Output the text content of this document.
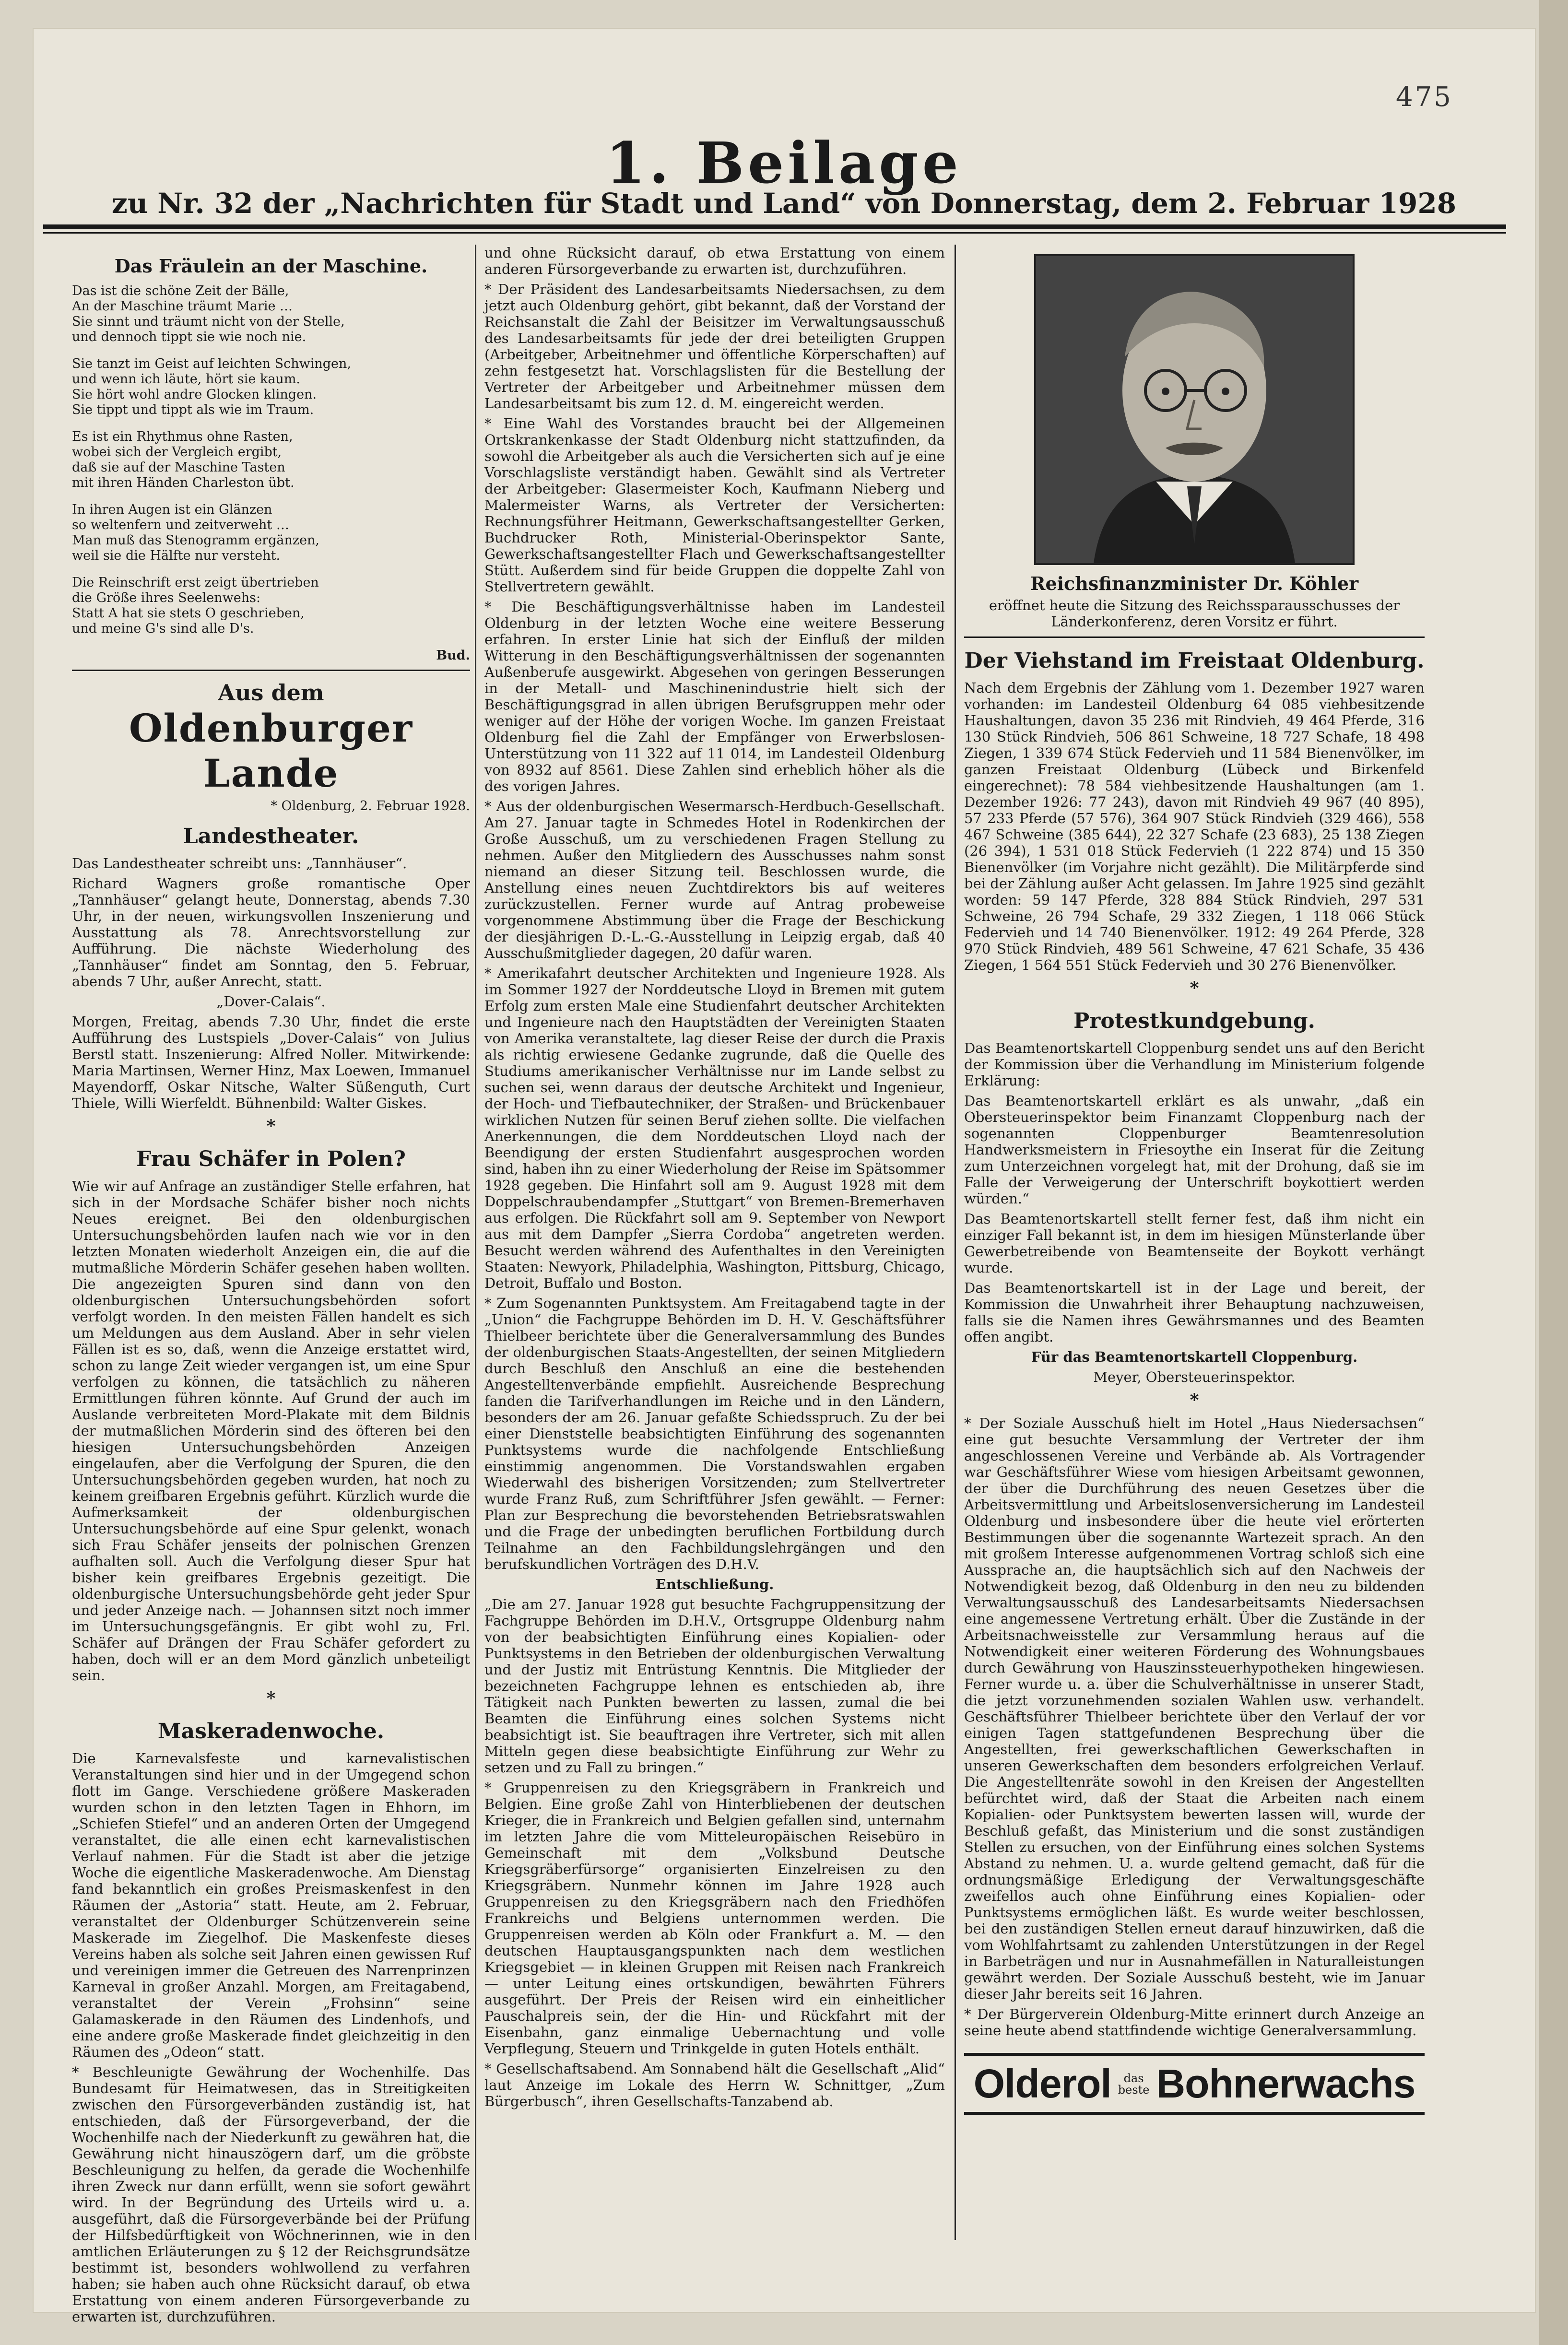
475
1. Beilage
zu Nr. 32 der „Nachrichten für Stadt und Land“ von Donnerstag, dem 2. Februar 1928
Das Fräulein an der Maschine.

Das ist die schöne Zeit der Bälle,

An der Maschine träumt Marie …

Sie sinnt und träumt nicht von der Stelle,

und dennoch tippt sie wie noch nie.

Sie tanzt im Geist auf leichten Schwingen,

und wenn ich läute, hört sie kaum.

Sie hört wohl andre Glocken klingen.

Sie tippt und tippt als wie im Traum.

Es ist ein Rhythmus ohne Rasten,

wobei sich der Vergleich ergibt,

daß sie auf der Maschine Tasten

mit ihren Händen Charleston übt.

In ihren Augen ist ein Glänzen

so weltenfern und zeitverweht …

Man muß das Stenogramm ergänzen,

weil sie die Hälfte nur versteht.

Die Reinschrift erst zeigt übertrieben

die Größe ihres Seelenwehs:

Statt A hat sie stets O geschrieben,

und meine G's sind alle D's.

Bud.
Aus dem
Oldenburger Lande
* Oldenburg, 2. Februar 1928.
Landestheater.

Das Landestheater schreibt uns: „Tannhäuser“.

Richard Wagners große romantische Oper „Tannhäuser“ gelangt heute, Donnerstag, abends 7.30 Uhr, in der neuen, wirkungsvollen Inszenierung und Ausstattung als 78. Anrechtsvorstellung zur Aufführung. Die nächste Wiederholung des „Tannhäuser“ findet am Sonntag, den 5. Februar, abends 7 Uhr, außer Anrecht, statt.

„Dover-Calais“.

Morgen, Freitag, abends 7.30 Uhr, findet die erste Aufführung des Lustspiels „Dover-Calais“ von Julius Berstl statt. Inszenierung: Alfred Noller. Mitwirkende: Maria Martinsen, Werner Hinz, Max Loewen, Immanuel Mayendorff, Oskar Nitsche, Walter Süßenguth, Curt Thiele, Willi Wierfeldt. Bühnenbild: Walter Giskes.

*
Frau Schäfer in Polen?

Wie wir auf Anfrage an zuständiger Stelle erfahren, hat sich in der Mordsache Schäfer bisher noch nichts Neues ereignet. Bei den oldenburgischen Untersuchungsbehörden laufen nach wie vor in den letzten Monaten wiederholt Anzeigen ein, die auf die mutmaßliche Mörderin Schäfer gesehen haben wollten. Die angezeigten Spuren sind dann von den oldenburgischen Untersuchungsbehörden sofort verfolgt worden. In den meisten Fällen handelt es sich um Meldungen aus dem Ausland. Aber in sehr vielen Fällen ist es so, daß, wenn die Anzeige erstattet wird, schon zu lange Zeit wieder vergangen ist, um eine Spur verfolgen zu können, die tatsächlich zu näheren Ermittlungen führen könnte. Auf Grund der auch im Auslande verbreiteten Mord-Plakate mit dem Bildnis der mutmaßlichen Mörderin sind des öfteren bei den hiesigen Untersuchungsbehörden Anzeigen eingelaufen, aber die Verfolgung der Spuren, die den Untersuchungsbehörden gegeben wurden, hat noch zu keinem greifbaren Ergebnis geführt. Kürzlich wurde die Aufmerksamkeit der oldenburgischen Untersuchungsbehörde auf eine Spur gelenkt, wonach sich Frau Schäfer jenseits der polnischen Grenzen aufhalten soll. Auch die Verfolgung dieser Spur hat bisher kein greifbares Ergebnis gezeitigt. Die oldenburgische Untersuchungsbehörde geht jeder Spur und jeder Anzeige nach. — Johannsen sitzt noch immer im Untersuchungsgefängnis. Er gibt wohl zu, Frl. Schäfer auf Drängen der Frau Schäfer gefordert zu haben, doch will er an dem Mord gänzlich unbeteiligt sein.

*
Maskeradenwoche.

Die Karnevalsfeste und karnevalistischen Veranstaltungen sind hier und in der Umgegend schon flott im Gange. Verschiedene größere Maskeraden wurden schon in den letzten Tagen in Ehhorn, im „Schiefen Stiefel“ und an anderen Orten der Umgegend veranstaltet, die alle einen echt karnevalistischen Verlauf nahmen. Für die Stadt ist aber die jetzige Woche die eigentliche Maskeradenwoche. Am Dienstag fand bekanntlich ein großes Preismaskenfest in den Räumen der „Astoria“ statt. Heute, am 2. Februar, veranstaltet der Oldenburger Schützenverein seine Maskerade im Ziegelhof. Die Maskenfeste dieses Vereins haben als solche seit Jahren einen gewissen Ruf und vereinigen immer die Getreuen des Narrenprinzen Karneval in großer Anzahl. Morgen, am Freitagabend, veranstaltet der Verein „Frohsinn“ seine Galamaskerade in den Räumen des Lindenhofs, und eine andere große Maskerade findet gleichzeitig in den Räumen des „Odeon“ statt.

* Beschleunigte Gewährung der Wochenhilfe. Das Bundesamt für Heimatwesen, das in Streitigkeiten zwischen den Fürsorgeverbänden zuständig ist, hat entschieden, daß der Fürsorgeverband, der die Wochenhilfe nach der Niederkunft zu gewähren hat, die Gewährung nicht hinauszögern darf, um die gröbste Beschleunigung zu helfen, da gerade die Wochenhilfe ihren Zweck nur dann erfüllt, wenn sie sofort gewährt wird. In der Begründung des Urteils wird u. a. ausgeführt, daß die Fürsorgeverbände bei der Prüfung der Hilfsbedürftigkeit von Wöchnerinnen, wie in den amtlichen Erläuterungen zu § 12 der Reichsgrundsätze bestimmt ist, besonders wohlwollend zu verfahren haben; sie haben auch ohne Rücksicht darauf, ob etwa Erstattung von einem anderen Fürsorgeverbande zu erwarten ist, durchzuführen.

und ohne Rücksicht darauf, ob etwa Erstattung von einem anderen Fürsorgeverbande zu erwarten ist, durchzuführen.

* Der Präsident des Landesarbeitsamts Niedersachsen, zu dem jetzt auch Oldenburg gehört, gibt bekannt, daß der Vorstand der Reichsanstalt die Zahl der Beisitzer im Verwaltungsausschuß des Landesarbeitsamts für jede der drei beteiligten Gruppen (Arbeitgeber, Arbeitnehmer und öffentliche Körperschaften) auf zehn festgesetzt hat. Vorschlagslisten für die Bestellung der Vertreter der Arbeitgeber und Arbeitnehmer müssen dem Landesarbeitsamt bis zum 12. d. M. eingereicht werden.

* Eine Wahl des Vorstandes braucht bei der Allgemeinen Ortskrankenkasse der Stadt Oldenburg nicht stattzufinden, da sowohl die Arbeitgeber als auch die Versicherten sich auf je eine Vorschlagsliste verständigt haben. Gewählt sind als Vertreter der Arbeitgeber: Glasermeister Koch, Kaufmann Nieberg und Malermeister Warns, als Vertreter der Versicherten: Rechnungsführer Heitmann, Gewerkschaftsangestellter Gerken, Buchdrucker Roth, Ministerial-Oberinspektor Sante, Gewerkschaftsangestellter Flach und Gewerkschaftsangestellter Stütt. Außerdem sind für beide Gruppen die doppelte Zahl von Stellvertretern gewählt.

* Die Beschäftigungsverhältnisse haben im Landesteil Oldenburg in der letzten Woche eine weitere Besserung erfahren. In erster Linie hat sich der Einfluß der milden Witterung in den Beschäftigungsverhältnissen der sogenannten Außenberufe ausgewirkt. Abgesehen von geringen Besserungen in der Metall- und Maschinenindustrie hielt sich der Beschäftigungsgrad in allen übrigen Berufsgruppen mehr oder weniger auf der Höhe der vorigen Woche. Im ganzen Freistaat Oldenburg fiel die Zahl der Empfänger von Erwerbslosen-Unterstützung von 11 322 auf 11 014, im Landesteil Oldenburg von 8932 auf 8561. Diese Zahlen sind erheblich höher als die des vorigen Jahres.

* Aus der oldenburgischen Wesermarsch-Herdbuch-Gesellschaft. Am 27. Januar tagte in Schmedes Hotel in Rodenkirchen der Große Ausschuß, um zu verschiedenen Fragen Stellung zu nehmen. Außer den Mitgliedern des Ausschusses nahm sonst niemand an dieser Sitzung teil. Beschlossen wurde, die Anstellung eines neuen Zuchtdirektors bis auf weiteres zurückzustellen. Ferner wurde auf Antrag probeweise vorgenommene Abstimmung über die Frage der Beschickung der diesjährigen D.-L.-G.-Ausstellung in Leipzig ergab, daß 40 Ausschußmitglieder dagegen, 20 dafür waren.

* Amerikafahrt deutscher Architekten und Ingenieure 1928. Als im Sommer 1927 der Norddeutsche Lloyd in Bremen mit gutem Erfolg zum ersten Male eine Studienfahrt deutscher Architekten und Ingenieure nach den Hauptstädten der Vereinigten Staaten von Amerika veranstaltete, lag dieser Reise der durch die Praxis als richtig erwiesene Gedanke zugrunde, daß die Quelle des Studiums amerikanischer Verhältnisse nur im Lande selbst zu suchen sei, wenn daraus der deutsche Architekt und Ingenieur, der Hoch- und Tiefbautechniker, der Straßen- und Brückenbauer wirklichen Nutzen für seinen Beruf ziehen sollte. Die vielfachen Anerkennungen, die dem Norddeutschen Lloyd nach der Beendigung der ersten Studienfahrt ausgesprochen worden sind, haben ihn zu einer Wiederholung der Reise im Spätsommer 1928 gegeben. Die Hinfahrt soll am 9. August 1928 mit dem Doppelschraubendampfer „Stuttgart“ von Bremen-Bremerhaven aus erfolgen. Die Rückfahrt soll am 9. September von Newport aus mit dem Dampfer „Sierra Cordoba“ angetreten werden. Besucht werden während des Aufenthaltes in den Vereinigten Staaten: Newyork, Philadelphia, Washington, Pittsburg, Chicago, Detroit, Buffalo und Boston.

* Zum Sogenannten Punktsystem. Am Freitagabend tagte in der „Union“ die Fachgruppe Behörden im D. H. V. Geschäftsführer Thielbeer berichtete über die Generalversammlung des Bundes der oldenburgischen Staats-Angestellten, der seinen Mitgliedern durch Beschluß den Anschluß an eine die bestehenden Angestelltenverbände empfiehlt. Ausreichende Besprechung fanden die Tarifverhandlungen im Reiche und in den Ländern, besonders der am 26. Januar gefaßte Schiedsspruch. Zu der bei einer Dienststelle beabsichtigten Einführung des sogenannten Punktsystems wurde die nachfolgende Entschließung einstimmig angenommen. Die Vorstandswahlen ergaben Wiederwahl des bisherigen Vorsitzenden; zum Stellvertreter wurde Franz Ruß, zum Schriftführer Jsfen gewählt. — Ferner: Plan zur Besprechung die bevorstehenden Betriebsratswahlen und die Frage der unbedingten beruflichen Fortbildung durch Teilnahme an den Fachbildungslehrgängen und den berufskundlichen Vorträgen des D.H.V.

Entschließung.

„Die am 27. Januar 1928 gut besuchte Fachgruppensitzung der Fachgruppe Behörden im D.H.V., Ortsgruppe Oldenburg nahm von der beabsichtigten Einführung eines Kopialien- oder Punktsystems in den Betrieben der oldenburgischen Verwaltung und der Justiz mit Entrüstung Kenntnis. Die Mitglieder der bezeichneten Fachgruppe lehnen es entschieden ab, ihre Tätigkeit nach Punkten bewerten zu lassen, zumal die bei Beamten die Einführung eines solchen Systems nicht beabsichtigt ist. Sie beauftragen ihre Vertreter, sich mit allen Mitteln gegen diese beabsichtigte Einführung zur Wehr zu setzen und zu Fall zu bringen.“

* Gruppenreisen zu den Kriegsgräbern in Frankreich und Belgien. Eine große Zahl von Hinterbliebenen der deutschen Krieger, die in Frankreich und Belgien gefallen sind, unternahm im letzten Jahre die vom Mitteleuropäischen Reisebüro in Gemeinschaft mit dem „Volksbund Deutsche Kriegsgräberfürsorge“ organisierten Einzelreisen zu den Kriegsgräbern. Nunmehr können im Jahre 1928 auch Gruppenreisen zu den Kriegsgräbern nach den Friedhöfen Frankreichs und Belgiens unternommen werden. Die Gruppenreisen werden ab Köln oder Frankfurt a. M. — den deutschen Hauptausgangspunkten nach dem westlichen Kriegsgebiet — in kleinen Gruppen mit Reisen nach Frankreich — unter Leitung eines ortskundigen, bewährten Führers ausgeführt. Der Preis der Reisen wird ein einheitlicher Pauschalpreis sein, der die Hin- und Rückfahrt mit der Eisenbahn, ganz einmalige Uebernachtung und volle Verpflegung, Steuern und Trinkgelde in guten Hotels enthält.

* Gesellschaftsabend. Am Sonnabend hält die Gesellschaft „Alid“ laut Anzeige im Lokale des Herrn W. Schnittger, „Zum Bürgerbusch“, ihren Gesellschafts-Tanzabend ab.

Reichsfinanzminister Dr. Köhler

eröffnet heute die Sitzung des Reichssparausschusses der Länderkonferenz, deren Vorsitz er führt.

Der Viehstand im Freistaat Oldenburg.

Nach dem Ergebnis der Zählung vom 1. Dezember 1927 waren vorhanden: im Landesteil Oldenburg 64 085 viehbesitzende Haushaltungen, davon 35 236 mit Rindvieh, 49 464 Pferde, 316 130 Stück Rindvieh, 506 861 Schweine, 18 727 Schafe, 18 498 Ziegen, 1 339 674 Stück Federvieh und 11 584 Bienenvölker, im ganzen Freistaat Oldenburg (Lübeck und Birkenfeld eingerechnet): 78 584 viehbesitzende Haushaltungen (am 1. Dezember 1926: 77 243), davon mit Rindvieh 49 967 (40 895), 57 233 Pferde (57 576), 364 907 Stück Rindvieh (329 466), 558 467 Schweine (385 644), 22 327 Schafe (23 683), 25 138 Ziegen (26 394), 1 531 018 Stück Federvieh (1 222 874) und 15 350 Bienenvölker (im Vorjahre nicht gezählt). Die Militärpferde sind bei der Zählung außer Acht gelassen. Im Jahre 1925 sind gezählt worden: 59 147 Pferde, 328 884 Stück Rindvieh, 297 531 Schweine, 26 794 Schafe, 29 332 Ziegen, 1 118 066 Stück Federvieh und 14 740 Bienenvölker. 1912: 49 264 Pferde, 328 970 Stück Rindvieh, 489 561 Schweine, 47 621 Schafe, 35 436 Ziegen, 1 564 551 Stück Federvieh und 30 276 Bienenvölker.

*
Protestkundgebung.

Das Beamtenortskartell Cloppenburg sendet uns auf den Bericht der Kommission über die Verhandlung im Ministerium folgende Erklärung:

Das Beamtenortskartell erklärt es als unwahr, „daß ein Obersteuerinspektor beim Finanzamt Cloppenburg nach der sogenannten Cloppenburger Beamtenresolution Handwerksmeistern in Friesoythe ein Inserat für die Zeitung zum Unterzeichnen vorgelegt hat, mit der Drohung, daß sie im Falle der Verweigerung der Unterschrift boykottiert werden würden.“

Das Beamtenortskartell stellt ferner fest, daß ihm nicht ein einziger Fall bekannt ist, in dem im hiesigen Münsterlande über Gewerbetreibende von Beamtenseite der Boykott verhängt wurde.

Das Beamtenortskartell ist in der Lage und bereit, der Kommission die Unwahrheit ihrer Behauptung nachzuweisen, falls sie die Namen ihres Gewährsmannes und des Beamten offen angibt.

Für das Beamtenortskartell Cloppenburg.

Meyer, Obersteuerinspektor.

*

* Der Soziale Ausschuß hielt im Hotel „Haus Niedersachsen“ eine gut besuchte Versammlung der Vertreter der ihm angeschlossenen Vereine und Verbände ab. Als Vortragender war Geschäftsführer Wiese vom hiesigen Arbeitsamt gewonnen, der über die Durchführung des neuen Gesetzes über die Arbeitsvermittlung und Arbeitslosenversicherung im Landesteil Oldenburg und insbesondere über die heute viel erörterten Bestimmungen über die sogenannte Wartezeit sprach. An den mit großem Interesse aufgenommenen Vortrag schloß sich eine Aussprache an, die hauptsächlich sich auf den Nachweis der Notwendigkeit bezog, daß Oldenburg in den neu zu bildenden Verwaltungsausschuß des Landesarbeitsamts Niedersachsen eine angemessene Vertretung erhält. Über die Zustände in der Arbeitsnachweisstelle zur Versammlung heraus auf die Notwendigkeit einer weiteren Förderung des Wohnungsbaues durch Gewährung von Hauszinssteuerhypotheken hingewiesen. Ferner wurde u. a. über die Schulverhältnisse in unserer Stadt, die jetzt vorzunehmenden sozialen Wahlen usw. verhandelt. Geschäftsführer Thielbeer berichtete über den Verlauf der vor einigen Tagen stattgefundenen Besprechung über die Angestellten, frei gewerkschaftlichen Gewerkschaften in unseren Gewerkschaften dem besonders erfolgreichen Verlauf. Die Angestelltenräte sowohl in den Kreisen der Angestellten befürchtet wird, daß der Staat die Arbeiten nach einem Kopialien- oder Punktsystem bewerten lassen will, wurde der Beschluß gefaßt, das Ministerium und die sonst zuständigen Stellen zu ersuchen, von der Einführung eines solchen Systems Abstand zu nehmen. U. a. wurde geltend gemacht, daß für die ordnungsmäßige Erledigung der Verwaltungsgeschäfte zweifellos auch ohne Einführung eines Kopialien- oder Punktsystems ermöglichen läßt. Es wurde weiter beschlossen, bei den zuständigen Stellen erneut darauf hinzuwirken, daß die vom Wohlfahrtsamt zu zahlenden Unterstützungen in der Regel in Barbeträgen und nur in Ausnahmefällen in Naturalleistungen gewährt werden. Der Soziale Ausschuß besteht, wie im Januar dieser Jahr bereits seit 16 Jahren.

* Der Bürgerverein Oldenburg-Mitte erinnert durch Anzeige an seine heute abend stattfindende wichtige Generalversammlung.

Olderol	das
beste Bohnerwachs
